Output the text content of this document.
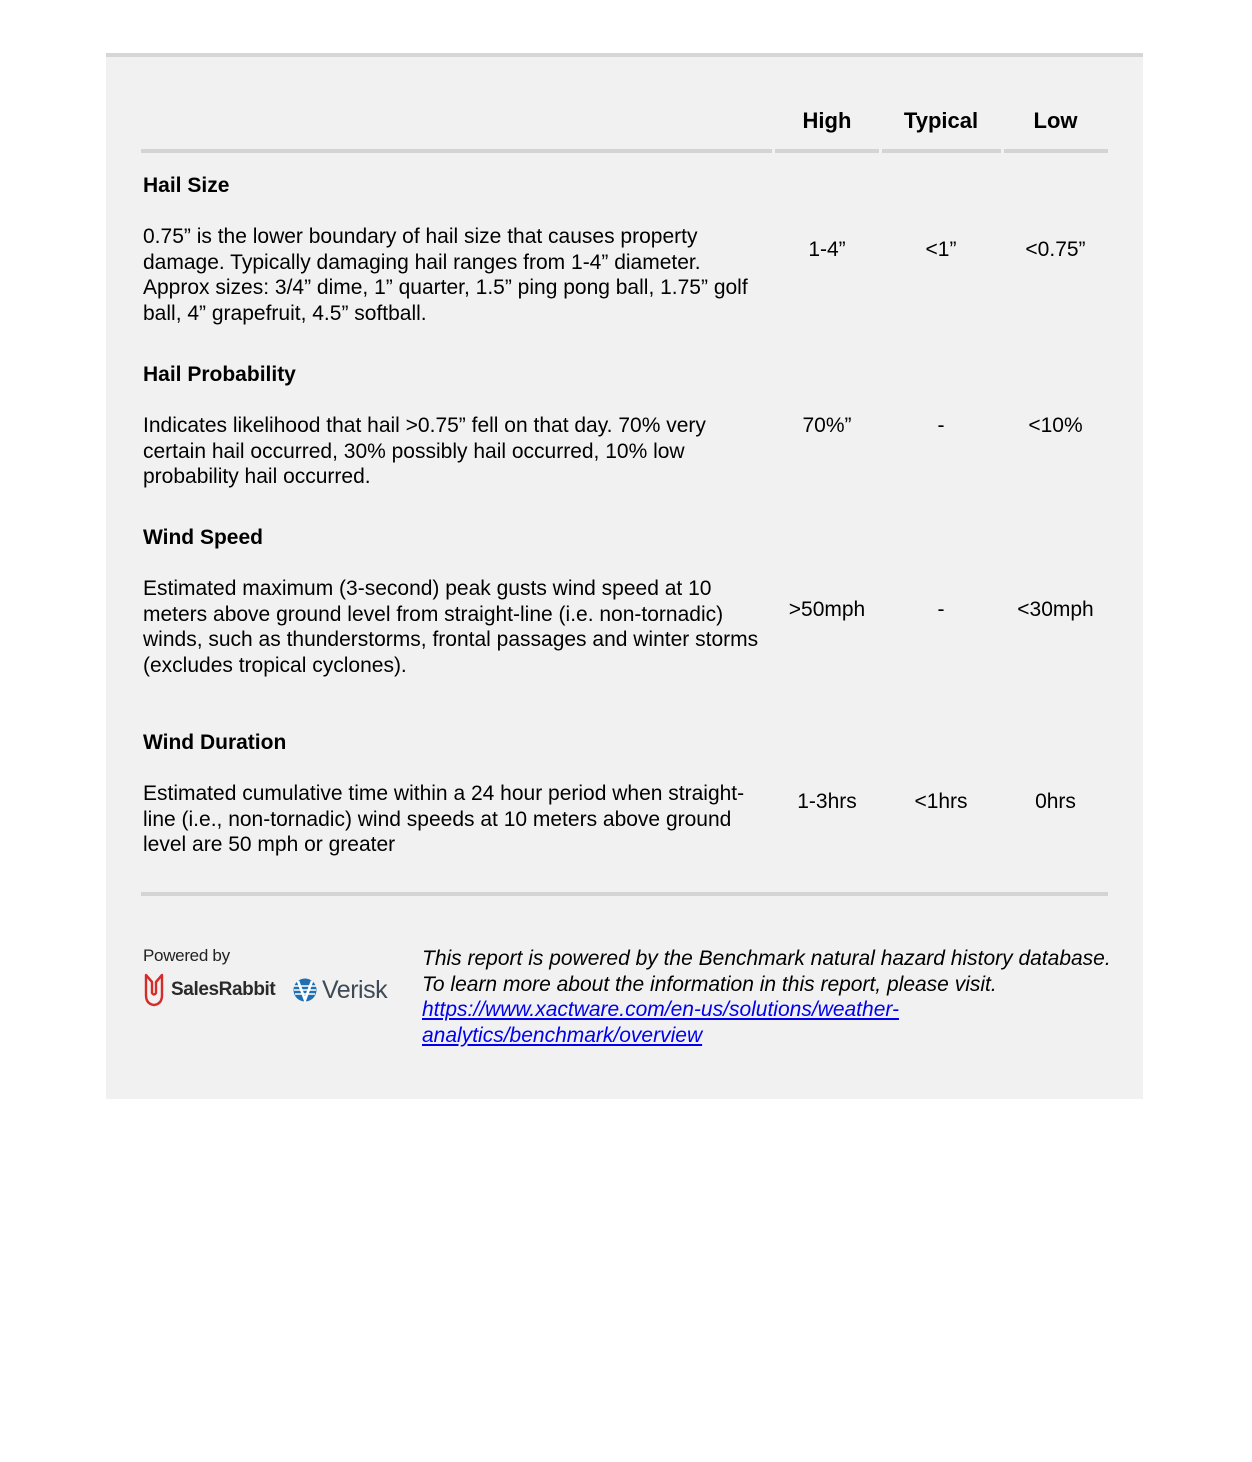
High	Typical	Low
Hail Size
0.75” is the lower boundary of hail size that causes property damage. Typically damaging hail ranges from 1-4” diameter. Approx sizes: 3/4” dime, 1” quarter, 1.5” ping pong ball, 1.75” golf ball, 4” grapefruit, 4.5” softball.
1-4”	<1”	<0.75”
Hail Probability
Indicates likelihood that hail >0.75” fell on that day. 70% very certain hail occurred, 30% possibly hail occurred, 10% low probability hail occurred.
70%”	-	<10%
Wind Speed
Estimated maximum (3-second) peak gusts wind speed at 10 meters above ground level from straight-line (i.e. non-tornadic) winds, such as thunderstorms, frontal passages and winter storms (excludes tropical cyclones).
>50mph	-	<30mph
Wind Duration
Estimated cumulative time within a 24 hour period when straight-line (i.e., non-tornadic) wind speeds at 10 meters above ground level are 50 mph or greater
1-3hrs	<1hrs	0hrs
Powered by
SalesRabbit Verisk
This report is powered by the Benchmark natural hazard history database. To learn more about the information in this report, please visit. https://www.xactware.com/en-us/solutions/weather-analytics/benchmark/overview
